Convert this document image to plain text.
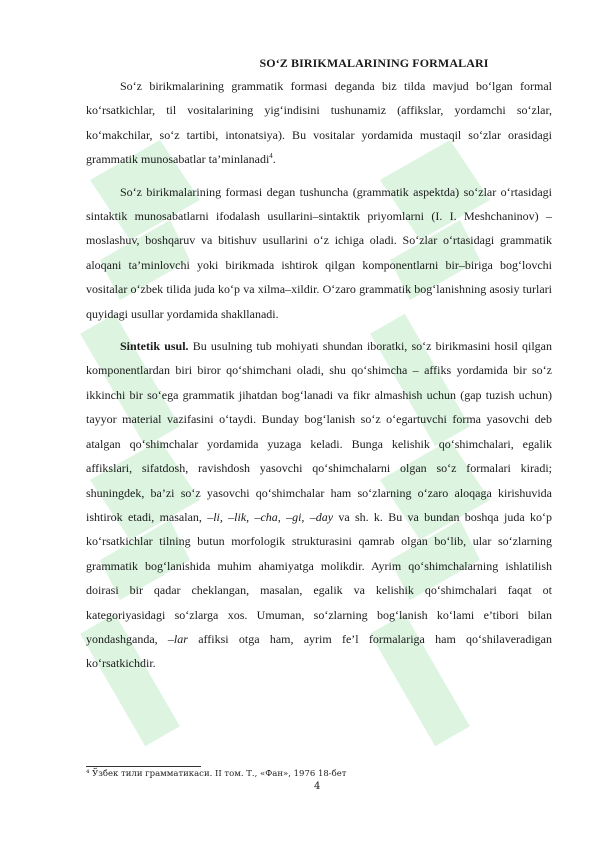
SO‘Z BIRIKMALARINING FORMALARI

So‘z birikmalarining grammatik formasi deganda biz tilda mavjud bo‘lgan formal ko‘rsatkichlar, til vositalarining yig‘indisini tushunamiz (affikslar, yordamchi so‘zlar, ko‘makchilar, so‘z tartibi, intonatsiya). Bu vositalar yordamida mustaqil so‘zlar orasidagi grammatik munosabatlar ta’minlanadi$^4$.

So‘z birikmalarining formasi degan tushuncha (grammatik aspektda) so‘zlar o‘rtasidagi sintaktik munosabatlarni ifodalash usullarini–sintaktik priyomlarni (I. I. Meshchaninov) – moslashuv, boshqaruv va bitishuv usullarini o‘z ichiga oladi. So‘zlar o‘rtasidagi grammatik aloqani ta’minlovchi yoki birikmada ishtirok qilgan komponentlarni bir–biriga bog‘lovchi vositalar o‘zbek tilida juda ko‘p va xilma–xildir. O‘zaro grammatik bog‘lanishning asosiy turlari quyidagi usullar yordamida shakllanadi.

Sintetik usul. Bu usulning tub mohiyati shundan iboratki, so‘z birikmasini hosil qilgan komponentlardan biri biror qo‘shimchani oladi, shu qo‘shimcha – affiks yordamida bir so‘z ikkinchi bir so‘ega grammatik jihatdan bog‘lanadi va fikr almashish uchun (gap tuzish uchun) tayyor material vazifasini o‘taydi. Bunday bog‘lanish so‘z o‘egartuvchi forma yasovchi deb atalgan qo‘shimchalar yordamida yuzaga keladi. Bunga kelishik qo‘shimchalari, egalik affikslari, sifatdosh, ravishdosh yasovchi qo‘shimchalarni olgan so‘z formalari kiradi; shuningdek, ba’zi so‘z yasovchi qo‘shimchalar ham so‘zlarning o‘zaro aloqaga kirishuvida ishtirok etadi, masalan, –li, –lik, –cha, –gi, –day va sh. k. Bu va bundan boshqa juda ko‘p ko‘rsatkichlar tilning butun morfologik strukturasini qamrab olgan bo‘lib, ular so‘zlarning grammatik bog‘lanishida muhim ahamiyatga molikdir. Ayrim qo‘shimchalarning ishlatilish doirasi bir qadar cheklangan, masalan, egalik va kelishik qo‘shimchalari faqat ot kategoriyasidagi so‘zlarga xos. Umuman, so‘zlarning bog‘lanish ko‘lami e’tibori bilan yondashganda, –lar affiksi otga ham, ayrim fe’l formalariga ham qo‘shilaveradigan ko‘rsatkichdir.

⁴ Ўзбек тили грамматикаси. II том. Т., «Фан», 1976 18-бет
4
